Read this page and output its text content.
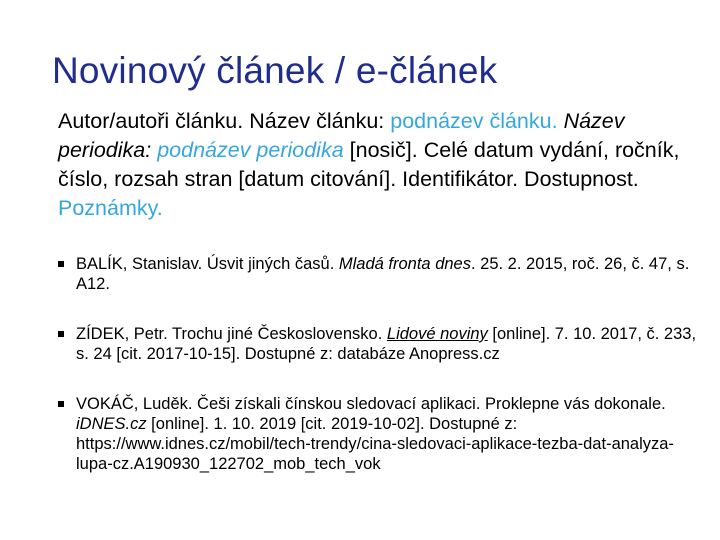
Novinový článek / e-článek
Autor/autoři článku. Název článku: podnázev článku. Název periodika: podnázev periodika [nosič]. Celé datum vydání, ročník, číslo, rozsah stran [datum citování]. Identifikátor. Dostupnost. Poznámky.
BALÍK, Stanislav. Úsvit jiných časů. Mladá fronta dnes. 25. 2. 2015, roč. 26, č. 47, s. A12.
ZÍDEK, Petr. Trochu jiné Československo. Lidové noviny [online]. 7. 10. 2017, č. 233, s. 24 [cit. 2017-10-15]. Dostupné z: databáze Anopress.cz
VOKÁČ, Luděk. Češi získali čínskou sledovací aplikaci. Proklepne vás dokonale. iDNES.cz [online]. 1. 10. 2019 [cit. 2019-10-02]. Dostupné z: https://www.idnes.cz/mobil/tech-trendy/cina-sledovaci-aplikace-tezba-dat-analyza-lupa-cz.A190930_122702_mob_tech_vok
